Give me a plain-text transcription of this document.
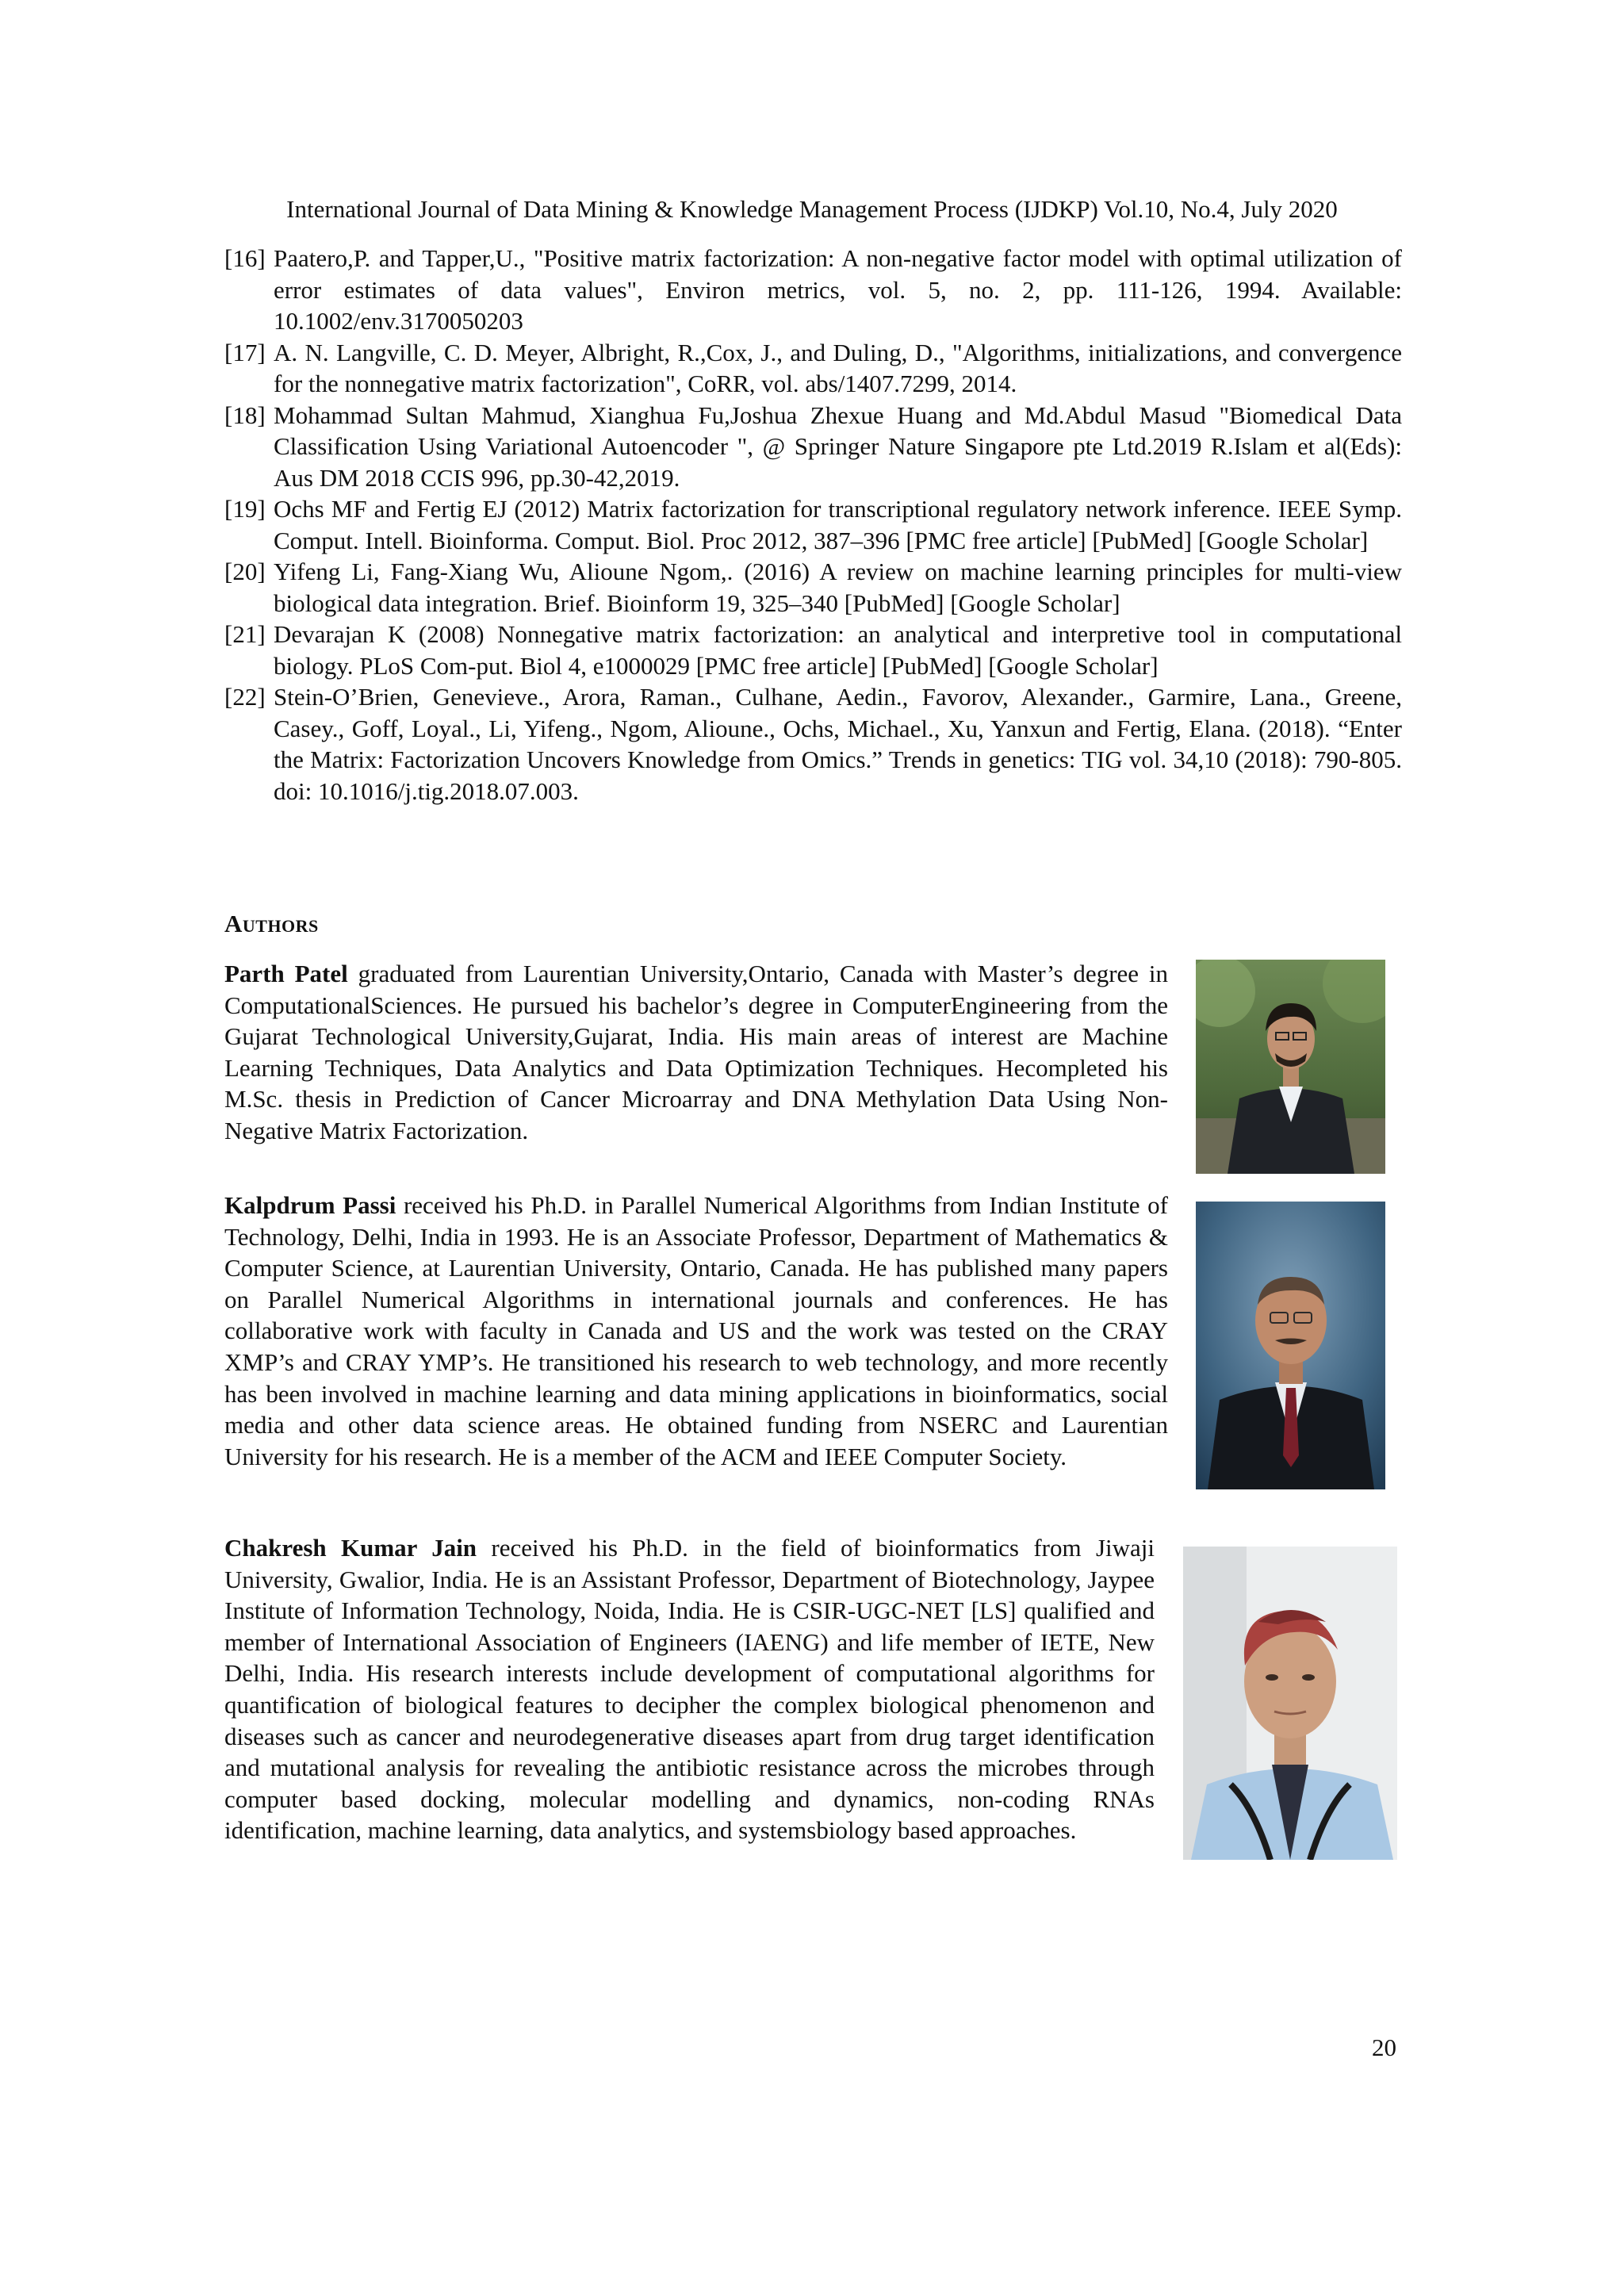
International Journal of Data Mining & Knowledge Management Process (IJDKP) Vol.10, No.4, July 2020
[16] Paatero,P. and Tapper,U., "Positive matrix factorization: A non-negative factor model with optimal utilization of error estimates of data values", Environ metrics, vol. 5, no. 2, pp. 111-126, 1994. Available: 10.1002/env.3170050203
[17] A. N. Langville, C. D. Meyer, Albright, R.,Cox, J., and Duling, D., "Algorithms, initializations, and convergence for the nonnegative matrix factorization", CoRR, vol. abs/1407.7299, 2014.
[18] Mohammad Sultan Mahmud, Xianghua Fu,Joshua Zhexue Huang and Md.Abdul Masud "Biomedical Data Classification Using Variational Autoencoder ", @ Springer Nature Singapore pte Ltd.2019 R.Islam et al(Eds): Aus DM 2018 CCIS 996, pp.30-42,2019.
[19] Ochs MF and Fertig EJ (2012) Matrix factorization for transcriptional regulatory network inference. IEEE Symp. Comput. Intell. Bioinforma. Comput. Biol. Proc 2012, 387–396 [PMC free article] [PubMed] [Google Scholar]
[20] Yifeng Li, Fang-Xiang Wu, Alioune Ngom,. (2016) A review on machine learning principles for multi-view biological data integration. Brief. Bioinform 19, 325–340 [PubMed] [Google Scholar]
[21] Devarajan K (2008) Nonnegative matrix factorization: an analytical and interpretive tool in computational biology. PLoS Com-put. Biol 4, e1000029 [PMC free article] [PubMed] [Google Scholar]
[22] Stein-O’Brien, Genevieve., Arora, Raman., Culhane, Aedin., Favorov, Alexander., Garmire, Lana., Greene, Casey., Goff, Loyal., Li, Yifeng., Ngom, Alioune., Ochs, Michael., Xu, Yanxun and Fertig, Elana. (2018). “Enter the Matrix: Factorization Uncovers Knowledge from Omics.” Trends in genetics: TIG vol. 34,10 (2018): 790-805. doi: 10.1016/j.tig.2018.07.003.
Authors
Parth Patel graduated from Laurentian University,Ontario, Canada with Master’s degree in ComputationalSciences. He pursued his bachelor’s degree in ComputerEngineering from the Gujarat Technological University,Gujarat, India. His main areas of interest are Machine Learning Techniques, Data Analytics and Data Optimization Techniques. Hecompleted his M.Sc. thesis in Prediction of Cancer Microarray and DNA Methylation Data Using Non-Negative Matrix Factorization.
Kalpdrum Passi received his Ph.D. in Parallel Numerical Algorithms from Indian Institute of Technology, Delhi, India in 1993. He is an Associate Professor, Department of Mathematics & Computer Science, at Laurentian University, Ontario, Canada. He has published many papers on Parallel Numerical Algorithms in international journals and conferences. He has collaborative work with faculty in Canada and US and the work was tested on the CRAY XMP’s and CRAY YMP’s. He transitioned his research to web technology, and more recently has been involved in machine learning and data mining applications in bioinformatics, social media and other data science areas. He obtained funding from NSERC and Laurentian University for his research. He is a member of the ACM and IEEE Computer Society.
Chakresh Kumar Jain received his Ph.D. in the field of bioinformatics from Jiwaji University, Gwalior, India. He is an Assistant Professor, Department of Biotechnology, Jaypee Institute of Information Technology, Noida, India. He is CSIR-UGC-NET [LS] qualified and member of International Association of Engineers (IAENG) and life member of IETE, New Delhi, India. His research interests include development of computational algorithms for quantification of biological features to decipher the complex biological phenomenon and diseases such as cancer and neurodegenerative diseases apart from drug target identification and mutational analysis for revealing the antibiotic resistance across the microbes through computer based docking, molecular modelling and dynamics, non-coding RNAs identification, machine learning, data analytics, and systemsbiology based approaches.
20
